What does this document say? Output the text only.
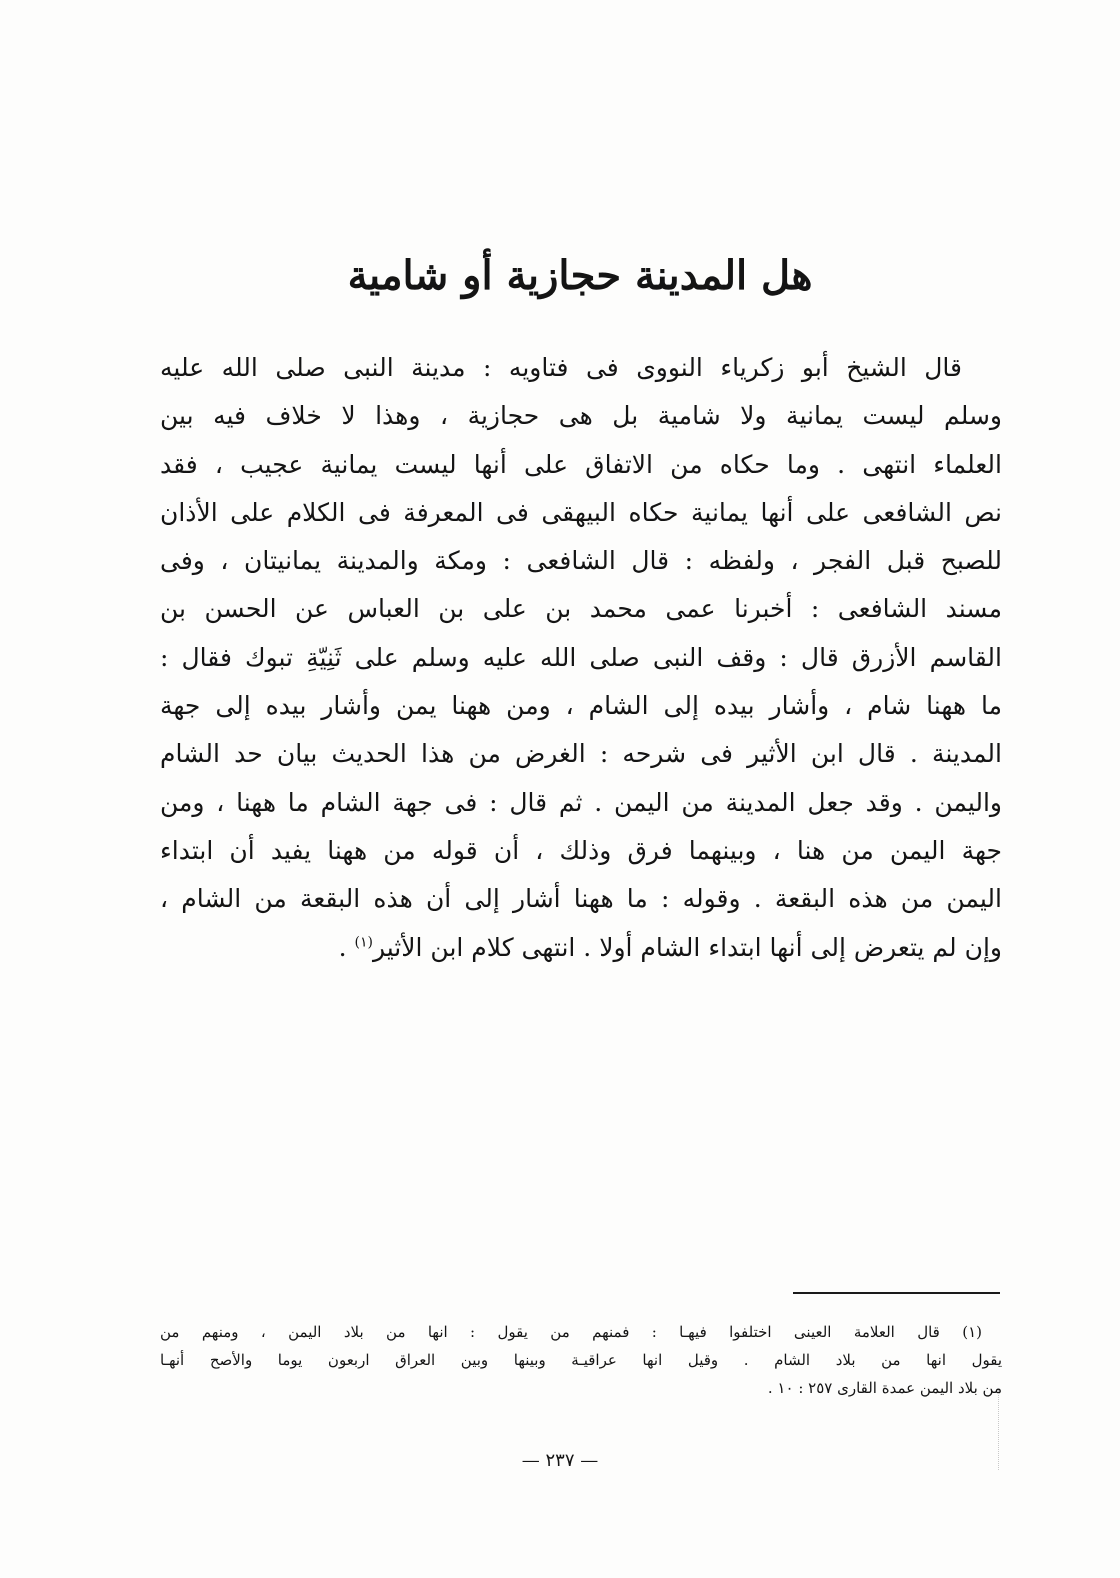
هل المدينة حجازية أو شامية
قال الشيخ أبو زكرياء النووى فى فتاويه : مدينة النبى صلى الله عليه
وسلم ليست يمانية ولا شامية بل هى حجازية ، وهذا لا خلاف فيه بين
العلماء انتهى . وما حكاه من الاتفاق على أنها ليست يمانية عجيب ، فقد
نص الشافعى على أنها يمانية حكاه البيهقى فى المعرفة فى الكلام على الأذان
للصبح قبل الفجر ، ولفظه : قال الشافعى : ومكة والمدينة يمانيتان ، وفى
مسند الشافعى : أخبرنا عمى محمد بن على بن العباس عن الحسن بن
القاسم الأزرق قال : وقف النبى صلى الله عليه وسلم على ثَنِيّةِ تبوك فقال :
ما ههنا شام ، وأشار بيده إلى الشام ، ومن ههنا يمن وأشار بيده إلى جهة
المدينة . قال ابن الأثير فى شرحه : الغرض من هذا الحديث بيان حد الشام
واليمن . وقد جعل المدينة من اليمن . ثم قال : فى جهة الشام ما ههنا ، ومن
جهة اليمن من هنا ، وبينهما فرق وذلك ، أن قوله من ههنا يفيد أن ابتداء
اليمن من هذه البقعة . وقوله : ما ههنا أشار إلى أن هذه البقعة من الشام ،
وإن لم يتعرض إلى أنها ابتداء الشام أولا . انتهى كلام ابن الأثير$^{(١)}$ .
(١) قال العلامة العينى اختلفوا فيهـا : فمنهم من يقول : انها من بلاد اليمن ، ومنهم من
يقول انها من بلاد الشام . وقيل انها عراقيـة وبينها وبين العراق اربعون يوما والأصح أنهـا
من بلاد اليمن عمدة القارى ٢٥٧ : ١٠ .
— ٢٣٧ —
